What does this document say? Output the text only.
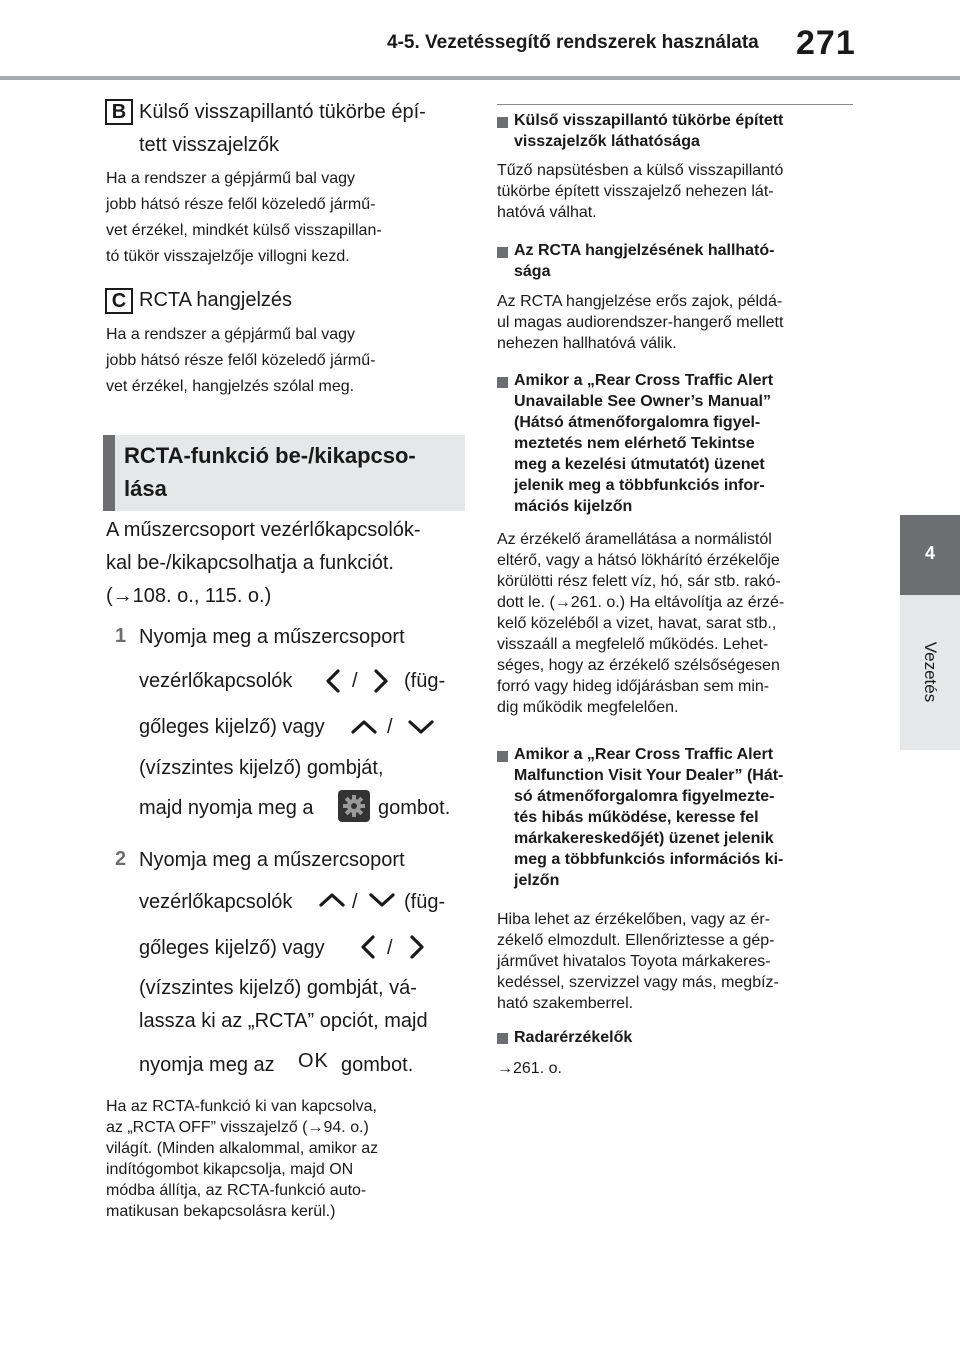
4-5. Vezetéssegítő rendszerek használata	271
4
Vezetés
B Külső visszapillantó tükörbe épí-
tett visszajelzők
Ha a rendszer a gépjármű bal vagy
jobb hátsó része felől közeledő jármű-
vet érzékel, mindkét külső visszapillan-
tó tükör visszajelzője villogni kezd.
C RCTA hangjelzés
Ha a rendszer a gépjármű bal vagy
jobb hátsó része felől közeledő jármű-
vet érzékel, hangjelzés szólal meg.
RCTA-funkció be-/kikapcso-
lása
A műszercsoport vezérlőkapcsolók-
kal be-/kikapcsolhatja a funkciót.
(→108. o., 115. o.)
1 Nyomja meg a műszercsoport
vezérlőkapcsolók	/ (füg-
gőleges kijelző) vagy	/
(vízszintes kijelző) gombját,
majd nyomja meg a	gombot.
2 Nyomja meg a műszercsoport
vezérlőkapcsolók	/ (füg-
gőleges kijelző) vagy	/
(vízszintes kijelző) gombját, vá-
lassza ki az „RCTA” opciót, majd
nyomja meg az OK gombot.
Ha az RCTA-funkció ki van kapcsolva,
az „RCTA OFF” visszajelző (→94. o.)
világít. (Minden alkalommal, amikor az
indítógombot kikapcsolja, majd ON
módba állítja, az RCTA-funkció auto-
matikusan bekapcsolásra kerül.)
Külső visszapillantó tükörbe épített
visszajelzők láthatósága
Tűző napsütésben a külső visszapillantó
tükörbe épített visszajelző nehezen lát-
hatóvá válhat.
Az RCTA hangjelzésének hallható-
sága
Az RCTA hangjelzése erős zajok, példá-
ul magas audiorendszer-hangerő mellett
nehezen hallhatóvá válik.
Amikor a „Rear Cross Traffic Alert
Unavailable See Owner’s Manual”
(Hátsó átmenőforgalomra figyel-
meztetés nem elérhető Tekintse
meg a kezelési útmutatót) üzenet
jelenik meg a többfunkciós infor-
mációs kijelzőn
Az érzékelő áramellátása a normálistól
eltérő, vagy a hátsó lökhárító érzékelője
körülötti rész felett víz, hó, sár stb. rakó-
dott le. (→261. o.) Ha eltávolítja az érzé-
kelő közeléből a vizet, havat, sarat stb.,
visszaáll a megfelelő működés. Lehet-
séges, hogy az érzékelő szélsőségesen
forró vagy hideg időjárásban sem min-
dig működik megfelelően.
Amikor a „Rear Cross Traffic Alert
Malfunction Visit Your Dealer” (Hát-
só átmenőforgalomra figyelmezte-
tés hibás működése, keresse fel
márkakereskedőjét) üzenet jelenik
meg a többfunkciós információs ki-
jelzőn
Hiba lehet az érzékelőben, vagy az ér-
zékelő elmozdult. Ellenőriztesse a gép-
járművet hivatalos Toyota márkakeres-
kedéssel, szervizzel vagy más, megbíz-
ható szakemberrel.
Radarérzékelők
→261. o.
